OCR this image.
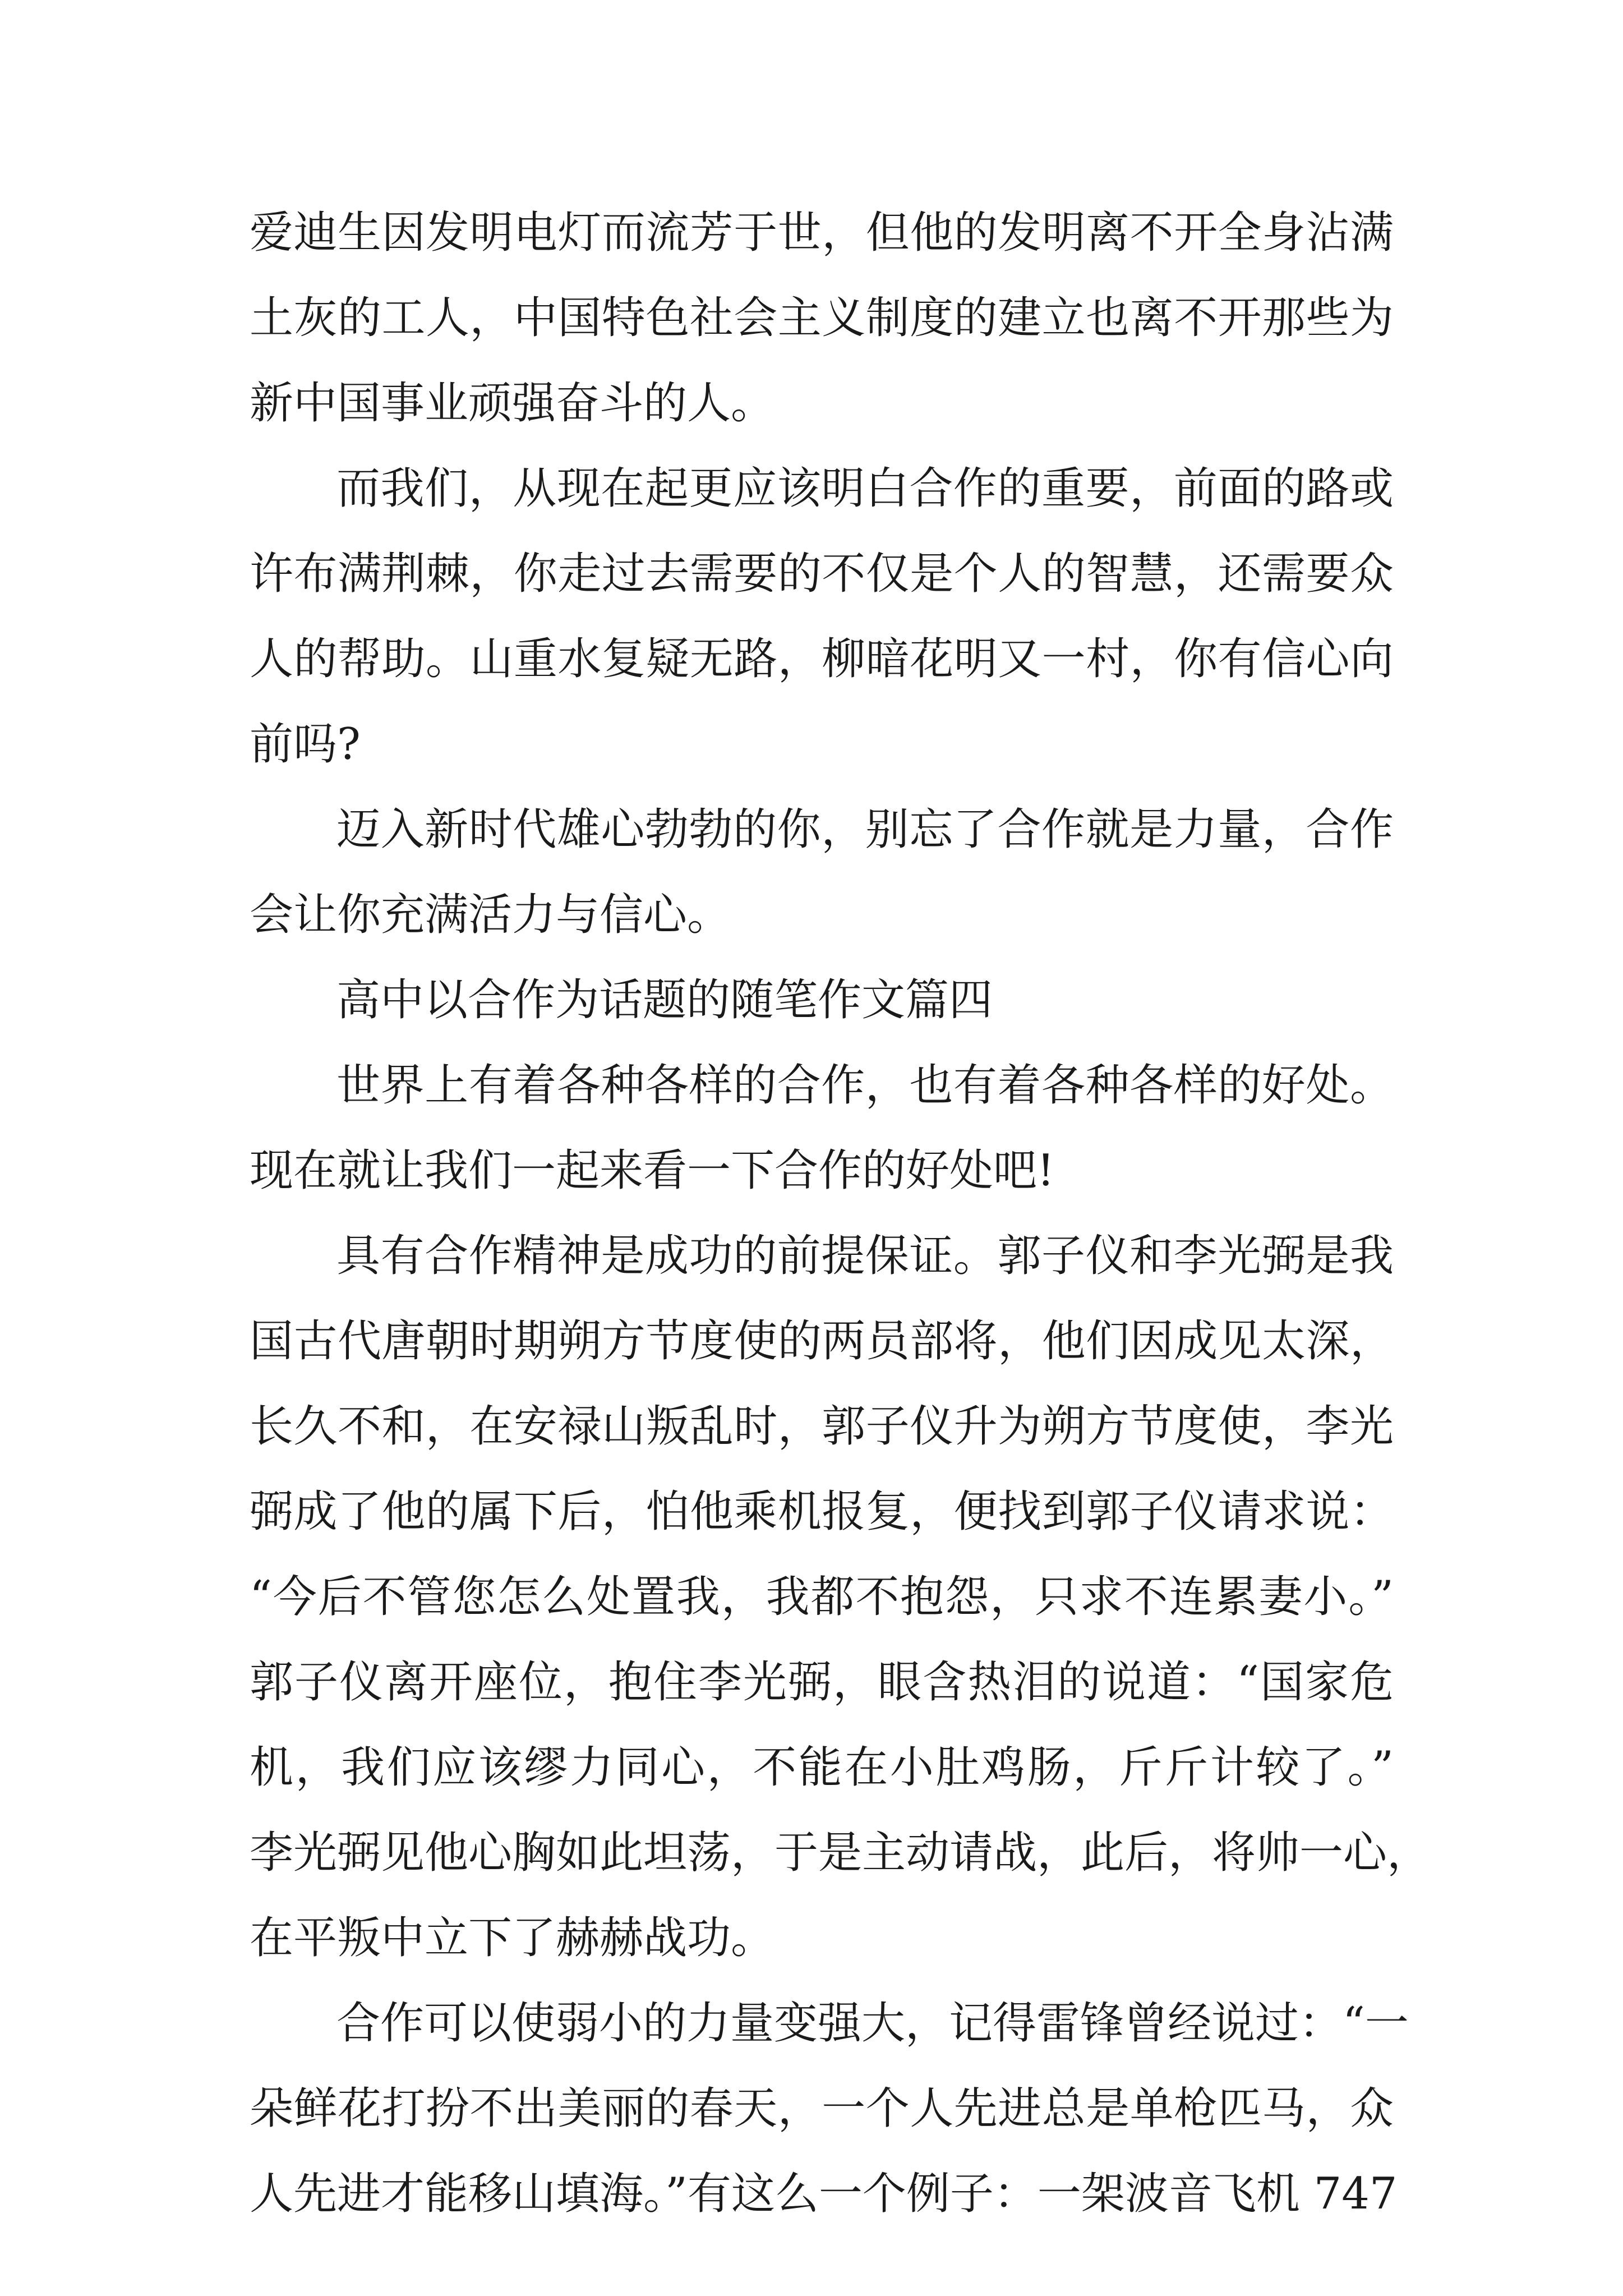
爱迪生因发明电灯而流芳于世，但他的发明离不开全身沾满
土灰的工人，中国特色社会主义制度的建立也离不开那些为
新中国事业顽强奋斗的人。
而我们，从现在起更应该明白合作的重要，前面的路或
许布满荆棘，你走过去需要的不仅是个人的智慧，还需要众
人的帮助。山重水复疑无路，柳暗花明又一村，你有信心向
前吗?
迈入新时代雄心勃勃的你，别忘了合作就是力量，合作
会让你充满活力与信心。
高中以合作为话题的随笔作文篇四
世界上有着各种各样的合作，也有着各种各样的好处。
现在就让我们一起来看一下合作的好处吧!
具有合作精神是成功的前提保证。郭子仪和李光弼是我
国古代唐朝时期朔方节度使的两员部将，他们因成见太深，
长久不和，在安禄山叛乱时，郭子仪升为朔方节度使，李光
弼成了他的属下后，怕他乘机报复，便找到郭子仪请求说：
“今后不管您怎么处置我，我都不抱怨，只求不连累妻小。”
郭子仪离开座位，抱住李光弼，眼含热泪的说道：“国家危
机，我们应该缪力同心，不能在小肚鸡肠，斤斤计较了。”
李光弼见他心胸如此坦荡，于是主动请战，此后，将帅一心，
在平叛中立下了赫赫战功。
合作可以使弱小的力量变强大，记得雷锋曾经说过：“一
朵鲜花打扮不出美丽的春天，一个人先进总是单枪匹马，众
人先进才能移山填海。”有这么一个例子：一架波音飞机 747
